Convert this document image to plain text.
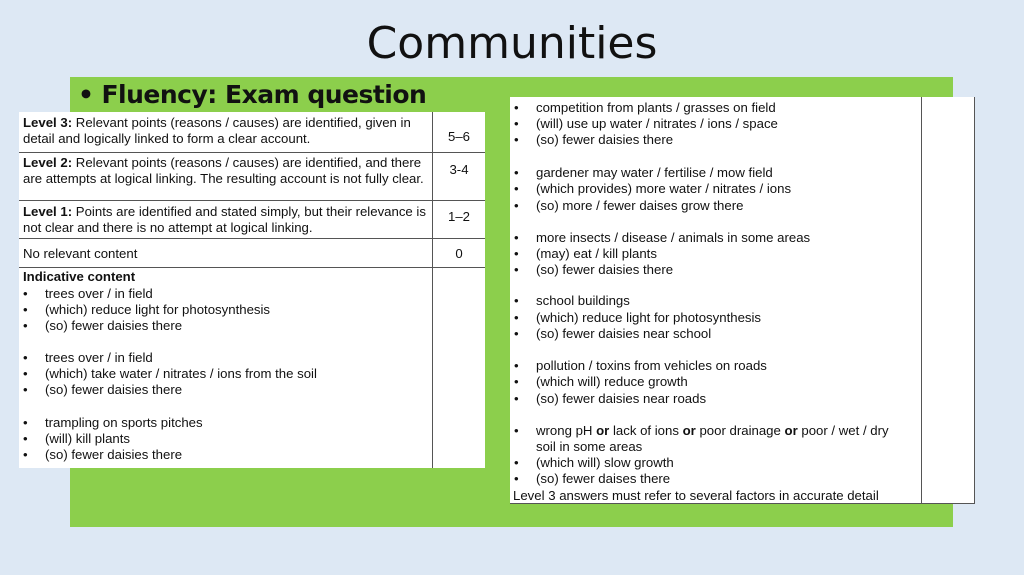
Communities
• Fluency: Exam question
Level 3: Relevant points (reasons / causes) are identified, given in detail and logically linked to form a clear account.	5–6
Level 2: Relevant points (reasons / causes) are identified, and there are attempts at logical linking. The resulting account is not fully clear.
3-4
Level 1: Points are identified and stated simply, but their relevance is not clear and there is no attempt at logical linking.
1–2
No relevant content	0
Indicative content
• trees over / in field
• (which) reduce light for photosynthesis
• (so) fewer daisies there
• trees over / in field
• (which) take water / nitrates / ions from the soil
• (so) fewer daisies there
• trampling on sports pitches
• (will) kill plants
• (so) fewer daisies there
• competition from plants / grasses on field
• (will) use up water / nitrates / ions / space
• (so) fewer daisies there
• gardener may water / fertilise / mow field
• (which provides) more water / nitrates / ions
• (so) more / fewer daises grow there
• more insects / disease / animals in some areas
• (may) eat / kill plants
• (so) fewer daisies there
• school buildings
• (which) reduce light for photosynthesis
• (so) fewer daisies near school
• pollution / toxins from vehicles on roads
• (which will) reduce growth
• (so) fewer daisies near roads
• wrong pH or lack of ions or poor drainage or poor / wet / dry
soil in some areas
• (which will) slow growth
• (so) fewer daises there
Level 3 answers must refer to several factors in accurate detail
